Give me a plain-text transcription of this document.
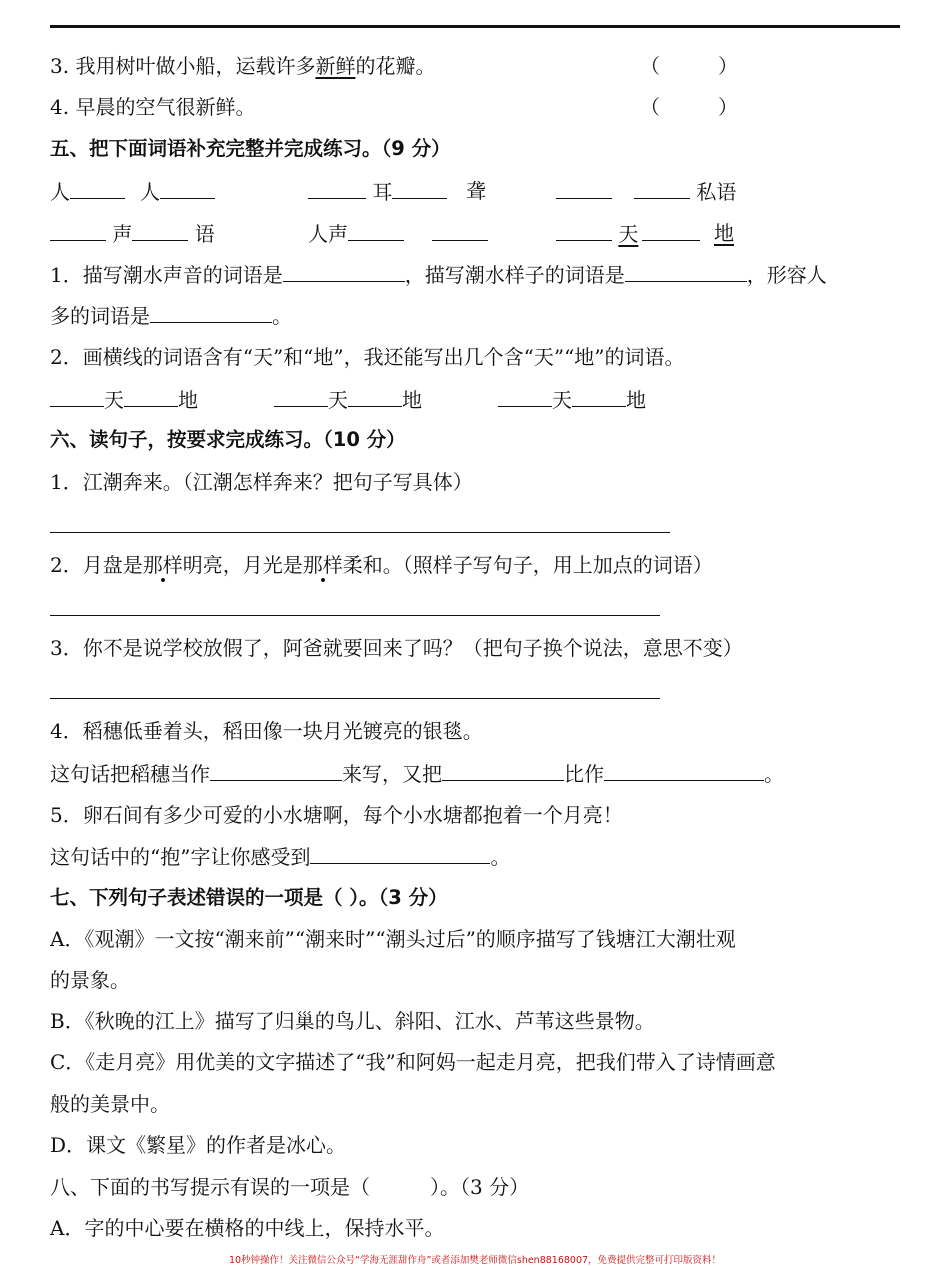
3. 我用树叶做小船，运载许多新鲜的花瓣。	（	）
4. 早晨的空气很新鲜。	（	）
五、把下面词语补充完整并完成练习。（9 分）
人	人	耳	聋	私语
声	语	人声	天	地
1．描写潮水声音的词语是	，描写潮水样子的词语是	，形容人
多的词语是	。
2．画横线的词语含有“天”和“地”，我还能写出几个含“天”“地”的词语。
天	地	天	地	天	地
六、读句子，按要求完成练习。（10 分）
1．江潮奔来。（江潮怎样奔来？把句子写具体）
2．月盘是那样明亮，月光是那样柔和。（照样子写句子，用上加点的词语）
3．你不是说学校放假了，阿爸就要回来了吗？（把句子换个说法，意思不变）
4．稻穗低垂着头，稻田像一块月光镀亮的银毯。
这句话把稻穗当作	来写，又把	比作	。
5．卵石间有多少可爱的小水塘啊，每个小水塘都抱着一个月亮！
这句话中的“抱”字让你感受到	。
七、下列句子表述错误的一项是（ ）。（3 分）
A．《观潮》一文按“潮来前”“潮来时”“潮头过后”的顺序描写了钱塘江大潮壮观
的景象。
B．《秋晚的江上》描写了归巢的鸟儿、斜阳、江水、芦苇这些景物。
C．《走月亮》用优美的文字描述了“我”和阿妈一起走月亮，把我们带入了诗情画意
般的美景中。
D．课文《繁星》的作者是冰心。
八、下面的书写提示有误的一项是（　　　）。（3 分）
A．字的中心要在横格的中线上，保持水平。
10秒钟操作！关注微信公众号“学海无涯甜作舟”或者添加樊老师微信shen88168007，免费提供完整可打印版资料！
